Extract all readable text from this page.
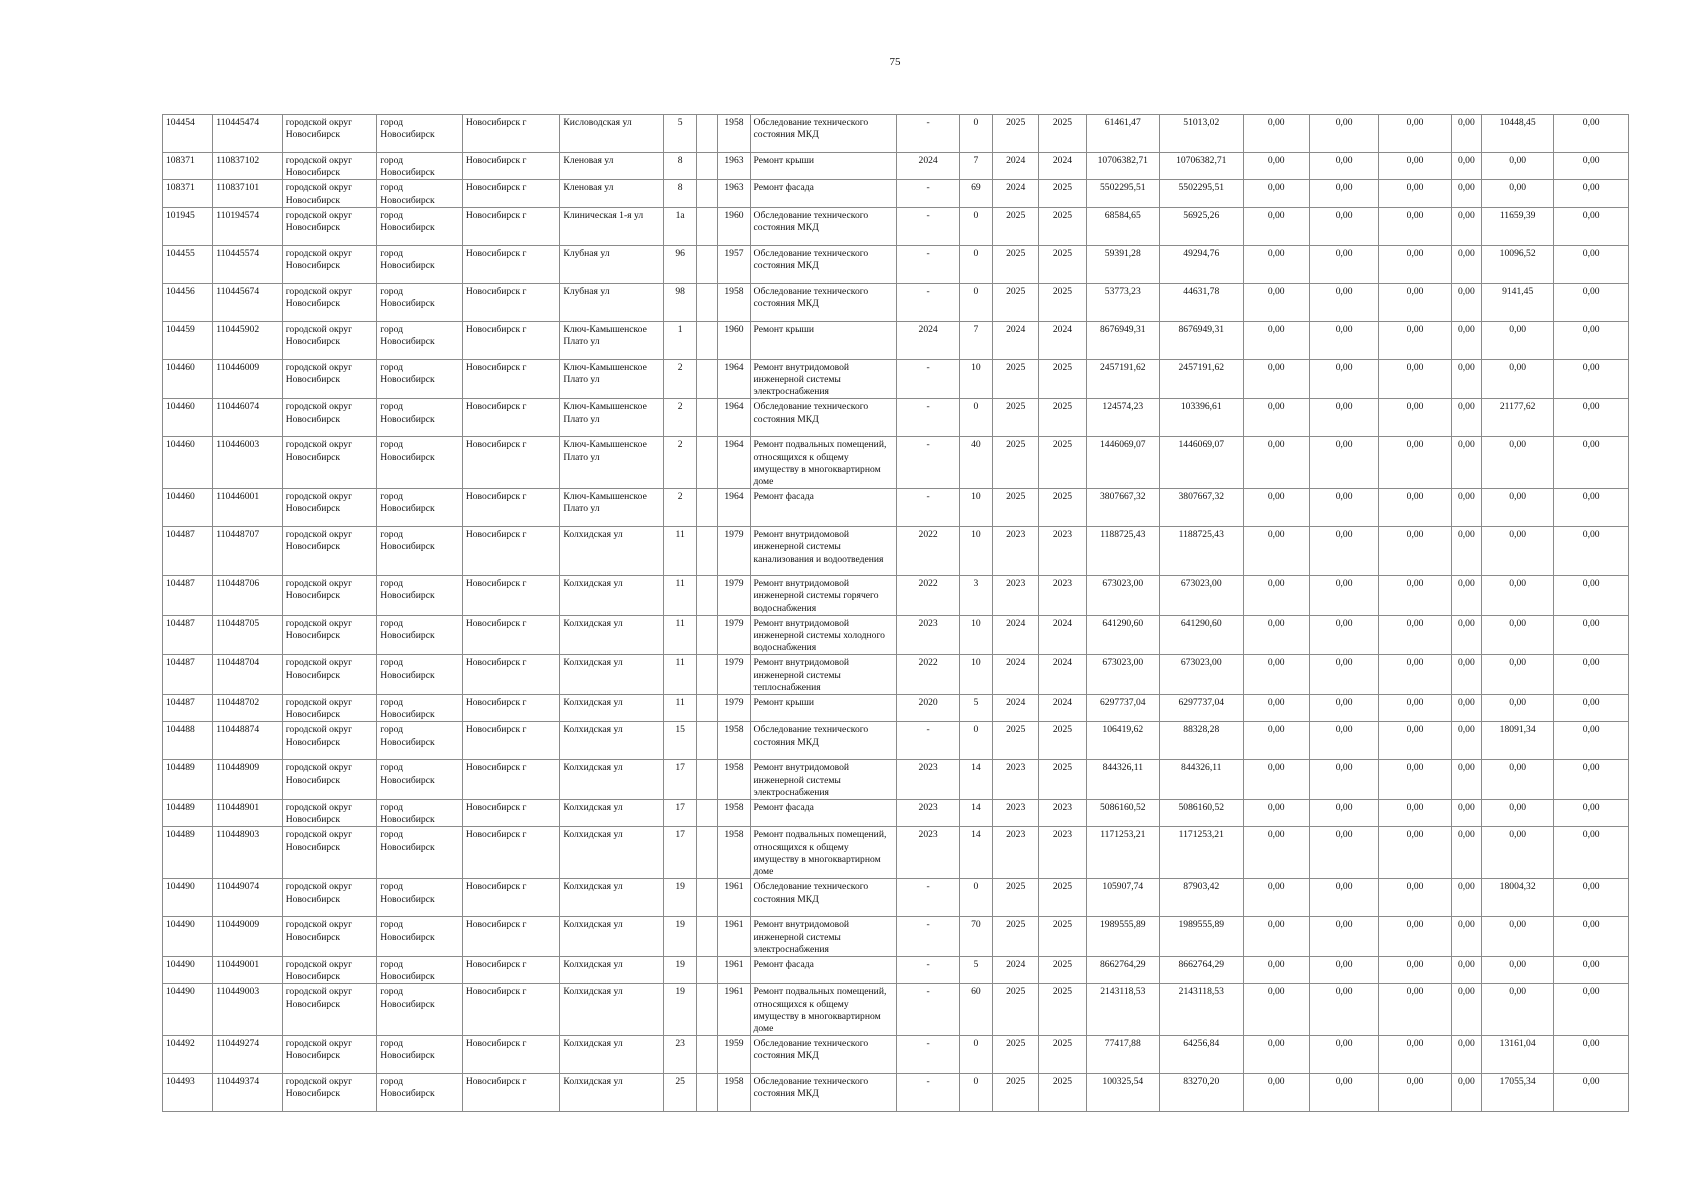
75
104454	110445474	городской округ Новосибирск	город Новосибирск	Новосибирск г	Кисловодская ул	5		1958	Обследование технического состояния МКД	-	0	2025	2025	61461,47	51013,02	0,00	0,00	0,00	0,00	10448,45	0,00
108371	110837102	городской округ Новосибирск	город Новосибирск	Новосибирск г	Кленовая ул	8		1963	Ремонт крыши	2024	7	2024	2024	10706382,71	10706382,71	0,00	0,00	0,00	0,00	0,00	0,00
108371	110837101	городской округ Новосибирск	город Новосибирск	Новосибирск г	Кленовая ул	8		1963	Ремонт фасада	-	69	2024	2025	5502295,51	5502295,51	0,00	0,00	0,00	0,00	0,00	0,00
101945	110194574	городской округ Новосибирск	город Новосибирск	Новосибирск г	Клиническая 1-я ул	1а		1960	Обследование технического состояния МКД	-	0	2025	2025	68584,65	56925,26	0,00	0,00	0,00	0,00	11659,39	0,00
104455	110445574	городской округ Новосибирск	город Новосибирск	Новосибирск г	Клубная ул	96		1957	Обследование технического состояния МКД	-	0	2025	2025	59391,28	49294,76	0,00	0,00	0,00	0,00	10096,52	0,00
104456	110445674	городской округ Новосибирск	город Новосибирск	Новосибирск г	Клубная ул	98		1958	Обследование технического состояния МКД	-	0	2025	2025	53773,23	44631,78	0,00	0,00	0,00	0,00	9141,45	0,00
104459	110445902	городской округ Новосибирск	город Новосибирск	Новосибирск г	Ключ-Камышенское Плато ул	1		1960	Ремонт крыши	2024	7	2024	2024	8676949,31	8676949,31	0,00	0,00	0,00	0,00	0,00	0,00
104460	110446009	городской округ Новосибирск	город Новосибирск	Новосибирск г	Ключ-Камышенское Плато ул	2		1964	Ремонт внутридомовой инженерной системы электроснабжения	-	10	2025	2025	2457191,62	2457191,62	0,00	0,00	0,00	0,00	0,00	0,00
104460	110446074	городской округ Новосибирск	город Новосибирск	Новосибирск г	Ключ-Камышенское Плато ул	2		1964	Обследование технического состояния МКД	-	0	2025	2025	124574,23	103396,61	0,00	0,00	0,00	0,00	21177,62	0,00
104460	110446003	городской округ Новосибирск	город Новосибирск	Новосибирск г	Ключ-Камышенское Плато ул	2		1964	Ремонт подвальных помещений, относящихся к общему имуществу в многоквартирном доме	-	40	2025	2025	1446069,07	1446069,07	0,00	0,00	0,00	0,00	0,00	0,00
104460	110446001	городской округ Новосибирск	город Новосибирск	Новосибирск г	Ключ-Камышенское Плато ул	2		1964	Ремонт фасада	-	10	2025	2025	3807667,32	3807667,32	0,00	0,00	0,00	0,00	0,00	0,00
104487	110448707	городской округ Новосибирск	город Новосибирск	Новосибирск г	Колхидская ул	11		1979	Ремонт внутридомовой инженерной системы канализования и водоотведения	2022	10	2023	2023	1188725,43	1188725,43	0,00	0,00	0,00	0,00	0,00	0,00
104487	110448706	городской округ Новосибирск	город Новосибирск	Новосибирск г	Колхидская ул	11		1979	Ремонт внутридомовой инженерной системы горячего водоснабжения	2022	3	2023	2023	673023,00	673023,00	0,00	0,00	0,00	0,00	0,00	0,00
104487	110448705	городской округ Новосибирск	город Новосибирск	Новосибирск г	Колхидская ул	11		1979	Ремонт внутридомовой инженерной системы холодного водоснабжения	2023	10	2024	2024	641290,60	641290,60	0,00	0,00	0,00	0,00	0,00	0,00
104487	110448704	городской округ Новосибирск	город Новосибирск	Новосибирск г	Колхидская ул	11		1979	Ремонт внутридомовой инженерной системы теплоснабжения	2022	10	2024	2024	673023,00	673023,00	0,00	0,00	0,00	0,00	0,00	0,00
104487	110448702	городской округ Новосибирск	город Новосибирск	Новосибирск г	Колхидская ул	11		1979	Ремонт крыши	2020	5	2024	2024	6297737,04	6297737,04	0,00	0,00	0,00	0,00	0,00	0,00
104488	110448874	городской округ Новосибирск	город Новосибирск	Новосибирск г	Колхидская ул	15		1958	Обследование технического состояния МКД	-	0	2025	2025	106419,62	88328,28	0,00	0,00	0,00	0,00	18091,34	0,00
104489	110448909	городской округ Новосибирск	город Новосибирск	Новосибирск г	Колхидская ул	17		1958	Ремонт внутридомовой инженерной системы электроснабжения	2023	14	2023	2025	844326,11	844326,11	0,00	0,00	0,00	0,00	0,00	0,00
104489	110448901	городской округ Новосибирск	город Новосибирск	Новосибирск г	Колхидская ул	17		1958	Ремонт фасада	2023	14	2023	2023	5086160,52	5086160,52	0,00	0,00	0,00	0,00	0,00	0,00
104489	110448903	городской округ Новосибирск	город Новосибирск	Новосибирск г	Колхидская ул	17		1958	Ремонт подвальных помещений, относящихся к общему имуществу в многоквартирном доме	2023	14	2023	2023	1171253,21	1171253,21	0,00	0,00	0,00	0,00	0,00	0,00
104490	110449074	городской округ Новосибирск	город Новосибирск	Новосибирск г	Колхидская ул	19		1961	Обследование технического состояния МКД	-	0	2025	2025	105907,74	87903,42	0,00	0,00	0,00	0,00	18004,32	0,00
104490	110449009	городской округ Новосибирск	город Новосибирск	Новосибирск г	Колхидская ул	19		1961	Ремонт внутридомовой инженерной системы электроснабжения	-	70	2025	2025	1989555,89	1989555,89	0,00	0,00	0,00	0,00	0,00	0,00
104490	110449001	городской округ Новосибирск	город Новосибирск	Новосибирск г	Колхидская ул	19		1961	Ремонт фасада	-	5	2024	2025	8662764,29	8662764,29	0,00	0,00	0,00	0,00	0,00	0,00
104490	110449003	городской округ Новосибирск	город Новосибирск	Новосибирск г	Колхидская ул	19		1961	Ремонт подвальных помещений, относящихся к общему имуществу в многоквартирном доме	-	60	2025	2025	2143118,53	2143118,53	0,00	0,00	0,00	0,00	0,00	0,00
104492	110449274	городской округ Новосибирск	город Новосибирск	Новосибирск г	Колхидская ул	23		1959	Обследование технического состояния МКД	-	0	2025	2025	77417,88	64256,84	0,00	0,00	0,00	0,00	13161,04	0,00
104493	110449374	городской округ Новосибирск	город Новосибирск	Новосибирск г	Колхидская ул	25		1958	Обследование технического состояния МКД	-	0	2025	2025	100325,54	83270,20	0,00	0,00	0,00	0,00	17055,34	0,00
